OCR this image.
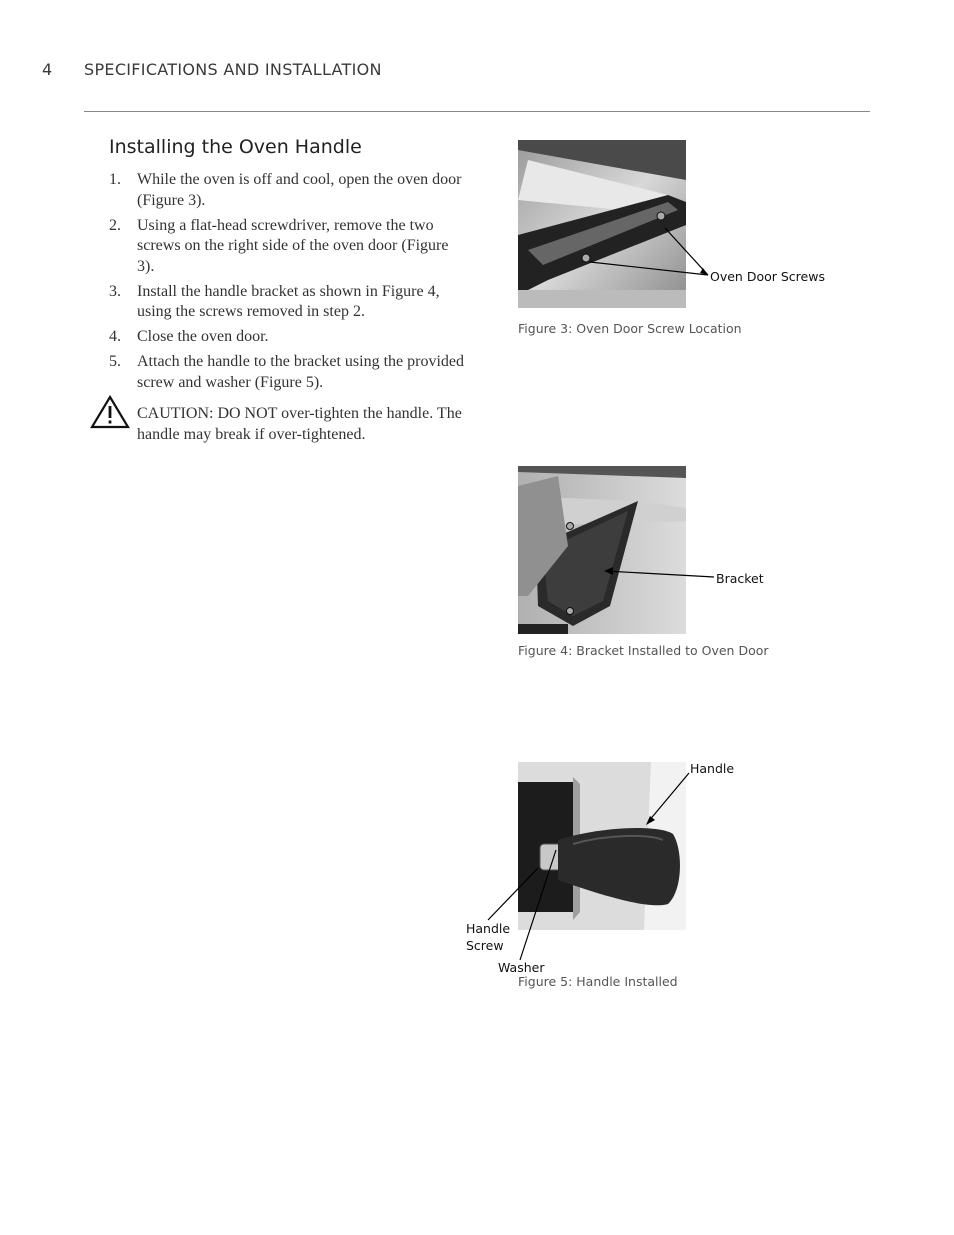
4 SPECIFICATIONS AND INSTALLATION
Installing the Oven Handle
1. While the oven is off and cool, open the oven door (Figure 3).
2. Using a flat-head screwdriver, remove the two screws on the right side of the oven door (Figure 3).
3. Install the handle bracket as shown in Figure 4, using the screws removed in step 2.
4. Close the oven door.
5. Attach the handle to the bracket using the provided screw and washer (Figure 5).
CAUTION: DO NOT over-tighten the handle. The handle may break if over-tightened.
Oven Door Screws
Figure 3: Oven Door Screw Location
Bracket
Figure 4: Bracket Installed to Oven Door
Handle
Handle
Screw
Washer
Figure 5: Handle Installed
